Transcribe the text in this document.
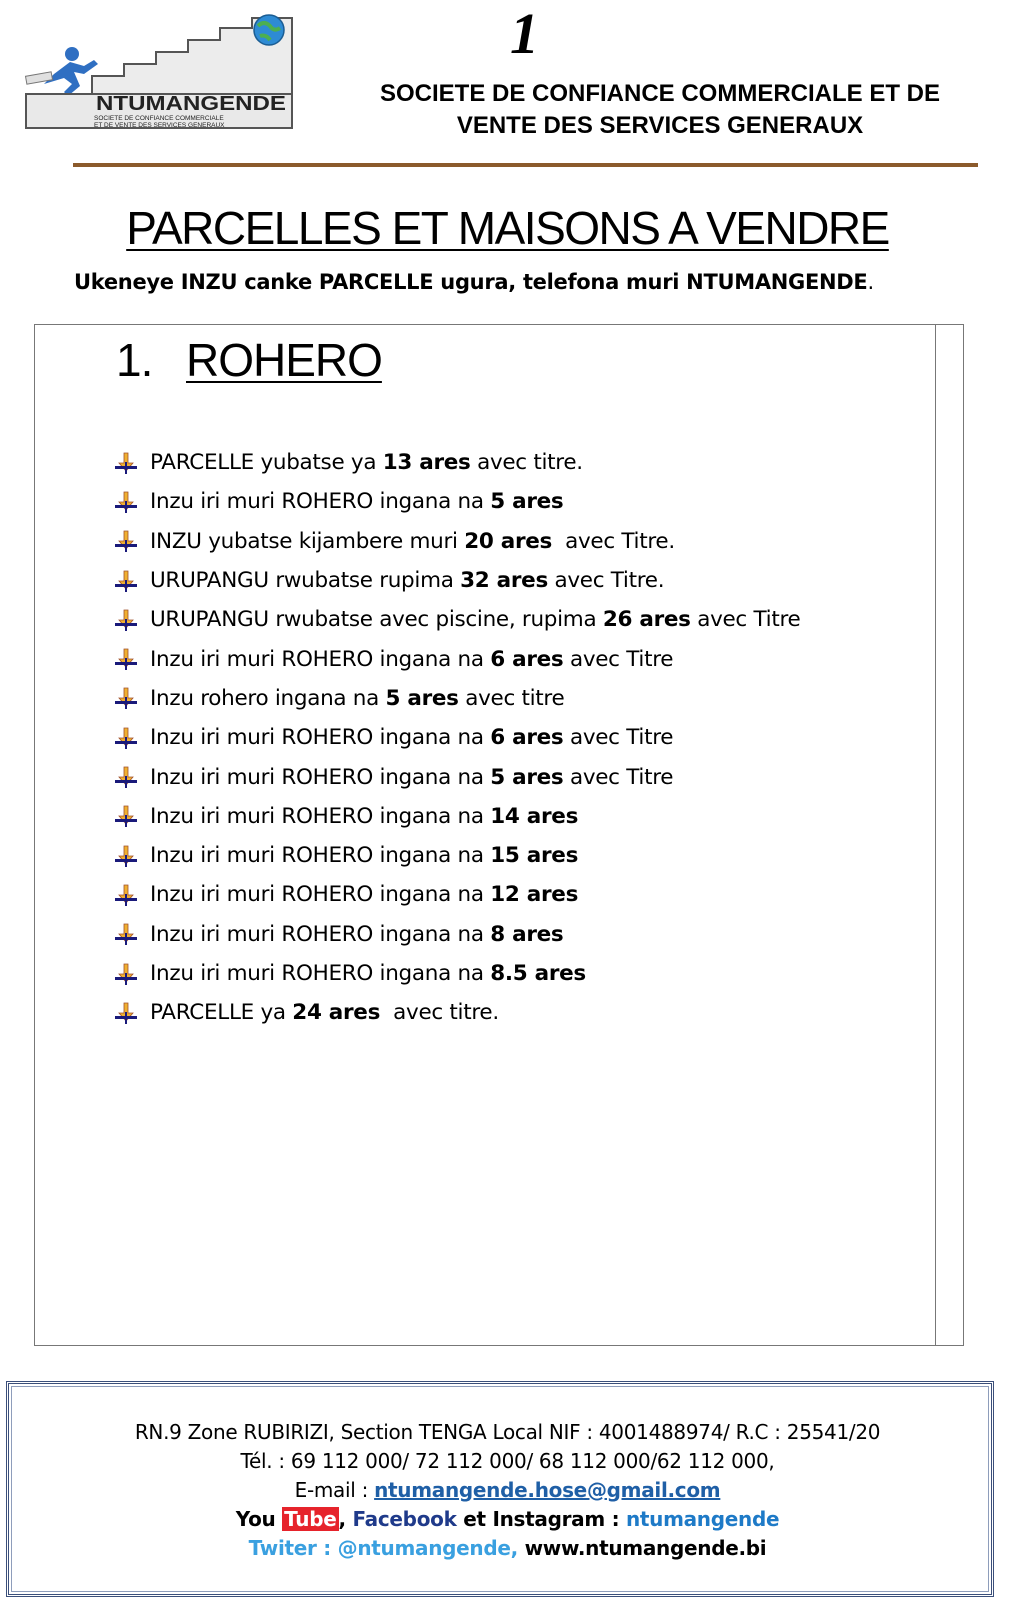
NTUMANGENDE
SOCIETE DE CONFIANCE COMMERCIALE
ET DE VENTE DES SERVICES GENERAUX
1
SOCIETE DE CONFIANCE COMMERCIALE ET DE
VENTE DES SERVICES GENERAUX
PARCELLES ET MAISONS A VENDRE
Ukeneye INZU canke PARCELLE ugura, telefona muri NTUMANGENDE.
1. ROHERO
PARCELLE yubatse ya 13 ares avec titre.
Inzu iri muri ROHERO ingana na 5 ares
INZU yubatse kijambere muri 20 ares avec Titre.
URUPANGU rwubatse rupima 32 ares avec Titre.
URUPANGU rwubatse avec piscine, rupima 26 ares avec Titre
Inzu iri muri ROHERO ingana na 6 ares avec Titre
Inzu rohero ingana na 5 ares avec titre
Inzu iri muri ROHERO ingana na 6 ares avec Titre
Inzu iri muri ROHERO ingana na 5 ares avec Titre
Inzu iri muri ROHERO ingana na 14 ares
Inzu iri muri ROHERO ingana na 15 ares
Inzu iri muri ROHERO ingana na 12 ares
Inzu iri muri ROHERO ingana na 8 ares
Inzu iri muri ROHERO ingana na 8.5 ares
PARCELLE ya 24 ares avec titre.
RN.9 Zone RUBIRIZI, Section TENGA Local NIF : 4001488974/ R.C : 25541/20
Tél. : 69 112 000/ 72 112 000/ 68 112 000/62 112 000,
E-mail : ntumangende.hose@gmail.com
You Tube , Facebook et Instagram : ntumangende
Twiter : @ntumangende, www.ntumangende.bi
